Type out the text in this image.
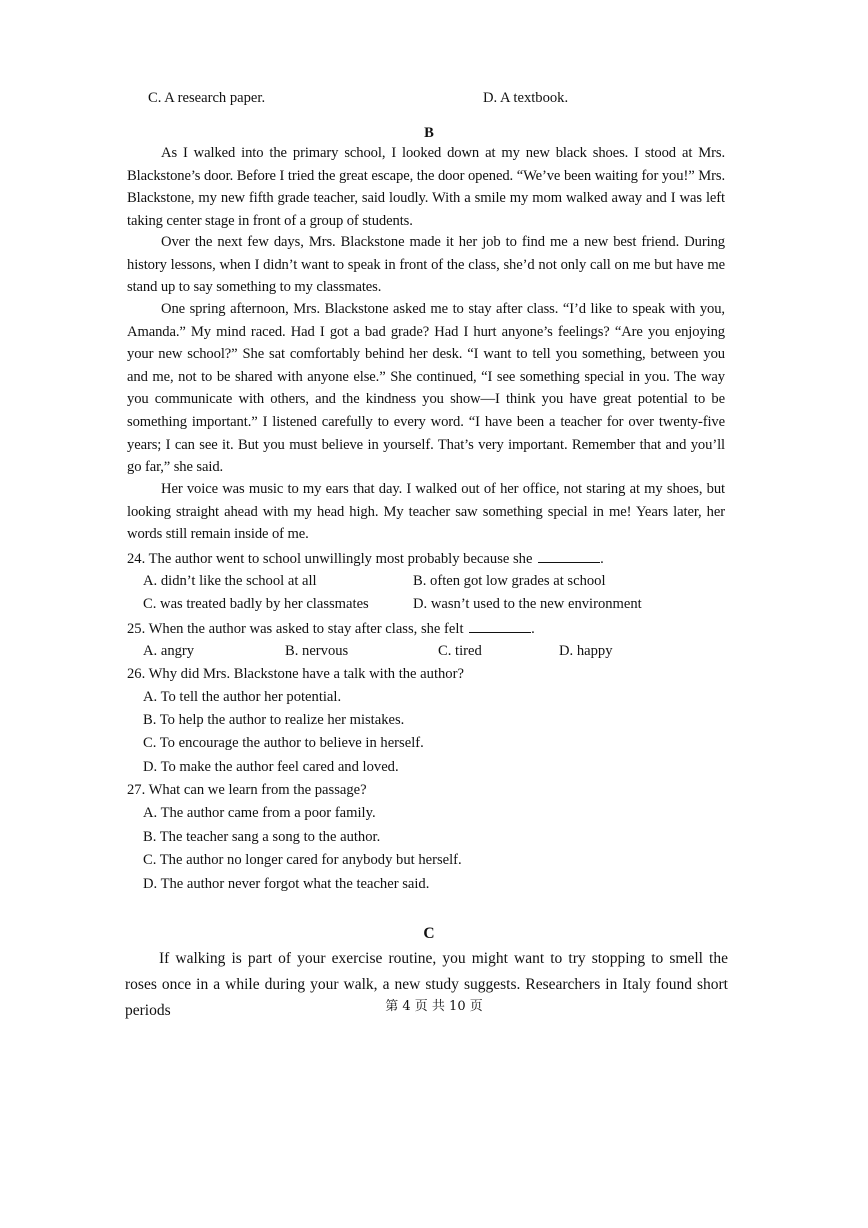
C. A research paper.	D. A textbook.
B
As I walked into the primary school, I looked down at my new black shoes. I stood at Mrs. Blackstone’s door. Before I tried the great escape, the door opened. “We’ve been waiting for you!” Mrs. Blackstone, my new fifth grade teacher, said loudly. With a smile my mom walked away and I was left taking center stage in front of a group of students.
Over the next few days, Mrs. Blackstone made it her job to find me a new best friend. During history lessons, when I didn’t want to speak in front of the class, she’d not only call on me but have me stand up to say something to my classmates.
One spring afternoon, Mrs. Blackstone asked me to stay after class. “I’d like to speak with you, Amanda.” My mind raced. Had I got a bad grade? Had I hurt anyone’s feelings? “Are you enjoying your new school?” She sat comfortably behind her desk. “I want to tell you something, between you and me, not to be shared with anyone else.” She continued, “I see something special in you. The way you communicate with others, and the kindness you show—I think you have great potential to be something important.” I listened carefully to every word. “I have been a teacher for over twenty-five years; I can see it. But you must believe in yourself. That’s very important. Remember that and you’ll go far,” she said.
Her voice was music to my ears that day. I walked out of her office, not staring at my shoes, but looking straight ahead with my head high. My teacher saw something special in me! Years later, her words still remain inside of me.
24. The author went to school unwillingly most probably because she	.
A. didn’t like the school at all	B. often got low grades at school
C. was treated badly by her classmates	D. wasn’t used to the new environment
25. When the author was asked to stay after class, she felt	.
A. angry	B. nervous	C. tired	D. happy
26. Why did Mrs. Blackstone have a talk with the author?
A. To tell the author her potential.
B. To help the author to realize her mistakes.
C. To encourage the author to believe in herself.
D. To make the author feel cared and loved.
27. What can we learn from the passage?
A. The author came from a poor family.
B. The teacher sang a song to the author.
C. The author no longer cared for anybody but herself.
D. The author never forgot what the teacher said.
C
If walking is part of your exercise routine, you might want to try stopping to smell the roses once in a while during your walk, a new study suggests. Researchers in Italy found short periods	第 4 页 共 10 页
